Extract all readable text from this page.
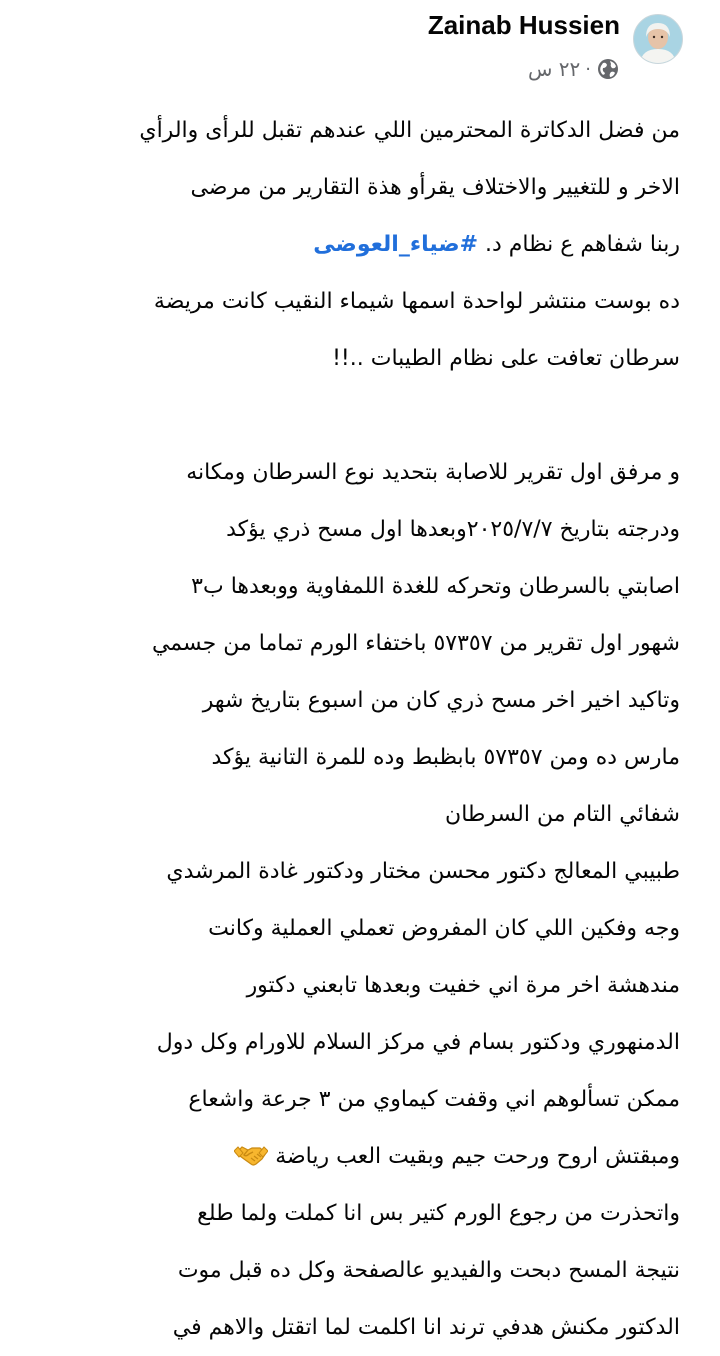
Zainab Hussien
٢٢ س ·
من فضل الدكاترة المحترمين اللي عندهم تقبل للرأى والرأي
الاخر و للتغيير والاختلاف يقرأو هذة التقارير من مرضى
ربنا شفاهم ع نظام د. #ضياء_العوضى
ده بوست منتشر لواحدة اسمها شيماء النقيب كانت مريضة
سرطان تعافت على نظام الطيبات ..!!
و مرفق اول تقرير للاصابة بتحديد نوع السرطان ومكانه
ودرجته بتاريخ ٢٠٢٥/٧/٧وبعدها اول مسح ذري يؤكد
اصابتي بالسرطان وتحركه للغدة اللمفاوية ووبعدها ب٣
شهور اول تقرير من ٥٧٣٥٧ باختفاء الورم تماما من جسمي
وتاكيد اخير اخر مسح ذري كان من اسبوع بتاريخ شهر
مارس ده ومن ٥٧٣٥٧ بابظبط وده للمرة التانية يؤكد
شفائي التام من السرطان
طبيبي المعالج دكتور محسن مختار ودكتور غادة المرشدي
وجه وفكين اللي كان المفروض تعملي العملية وكانت
مندهشة اخر مرة اني خفيت وبعدها تابعني دكتور
الدمنهوري ودكتور بسام في مركز السلام للاورام وكل دول
ممكن تسألوهم اني وقفت كيماوي من ٣ جرعة واشعاع
ومبقتش اروح ورحت جيم وبقيت العب رياضة
واتحذرت من رجوع الورم كتير بس انا كملت ولما طلع
نتيجة المسح دبحت والفيديو عالصفحة وكل ده قبل موت
الدكتور مكنش هدفي ترند انا اكلمت لما اتقتل والاهم في
